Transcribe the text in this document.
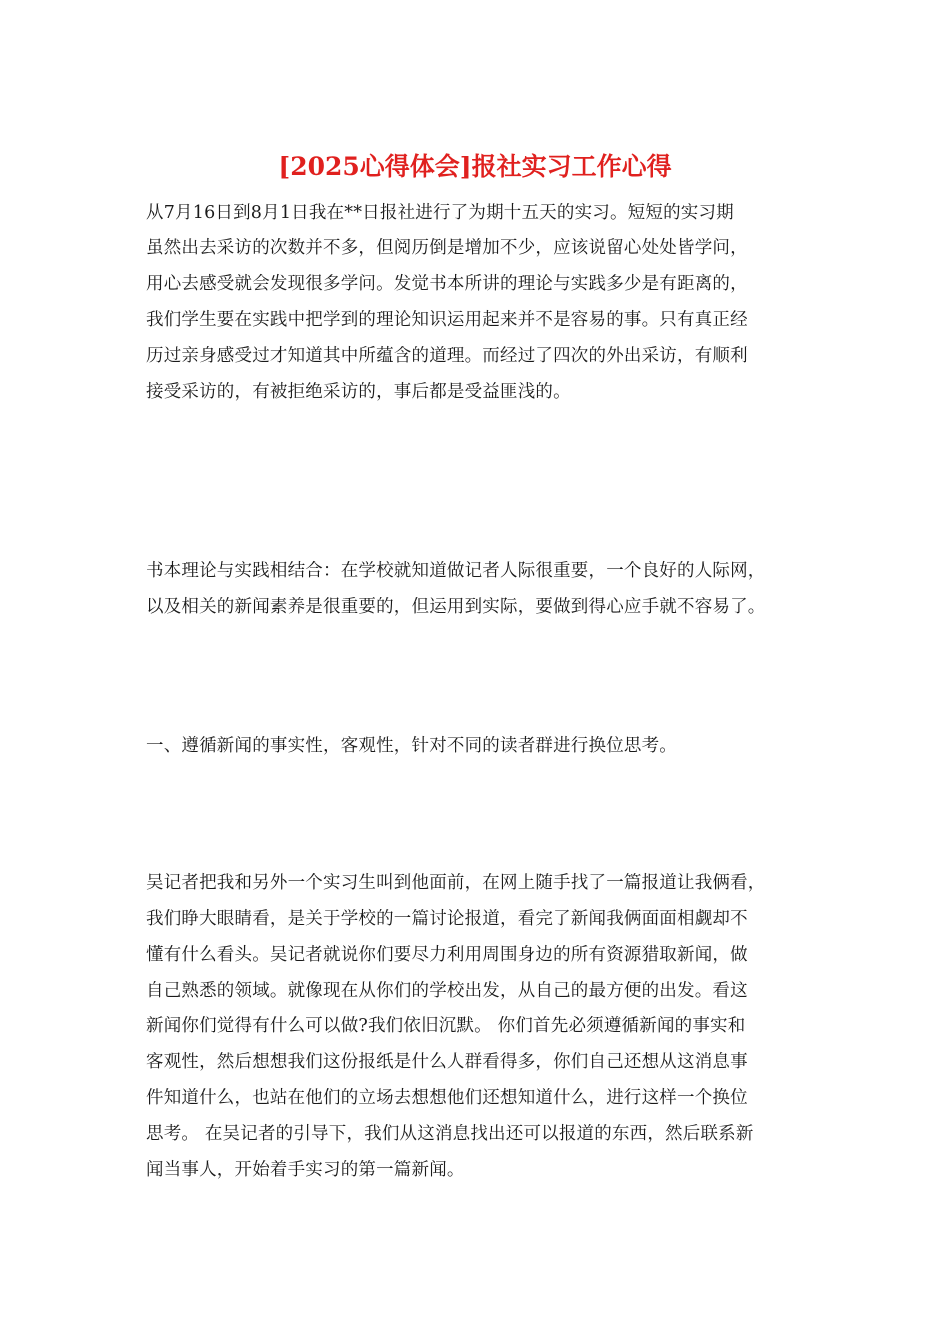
[2025心得体会]报社实习工作心得
从7月16日到8月1日我在**日报社进行了为期十五天的实习。短短的实习期
虽然出去采访的次数并不多，但阅历倒是增加不少，应该说留心处处皆学问，
用心去感受就会发现很多学问。发觉书本所讲的理论与实践多少是有距离的，
我们学生要在实践中把学到的理论知识运用起来并不是容易的事。只有真正经
历过亲身感受过才知道其中所蕴含的道理。而经过了四次的外出采访，有顺利
接受采访的，有被拒绝采访的，事后都是受益匪浅的。
书本理论与实践相结合：在学校就知道做记者人际很重要，一个良好的人际网，
以及相关的新闻素养是很重要的，但运用到实际，要做到得心应手就不容易了。
一、遵循新闻的事实性，客观性，针对不同的读者群进行换位思考。
吴记者把我和另外一个实习生叫到他面前，在网上随手找了一篇报道让我俩看，
我们睁大眼睛看，是关于学校的一篇讨论报道，看完了新闻我俩面面相觑却不
懂有什么看头。吴记者就说你们要尽力利用周围身边的所有资源猎取新闻，做
自己熟悉的领域。就像现在从你们的学校出发，从自己的最方便的出发。看这
新闻你们觉得有什么可以做?我们依旧沉默。 你们首先必须遵循新闻的事实和
客观性，然后想想我们这份报纸是什么人群看得多，你们自己还想从这消息事
件知道什么，也站在他们的立场去想想他们还想知道什么，进行这样一个换位
思考。 在吴记者的引导下，我们从这消息找出还可以报道的东西，然后联系新
闻当事人，开始着手实习的第一篇新闻。
